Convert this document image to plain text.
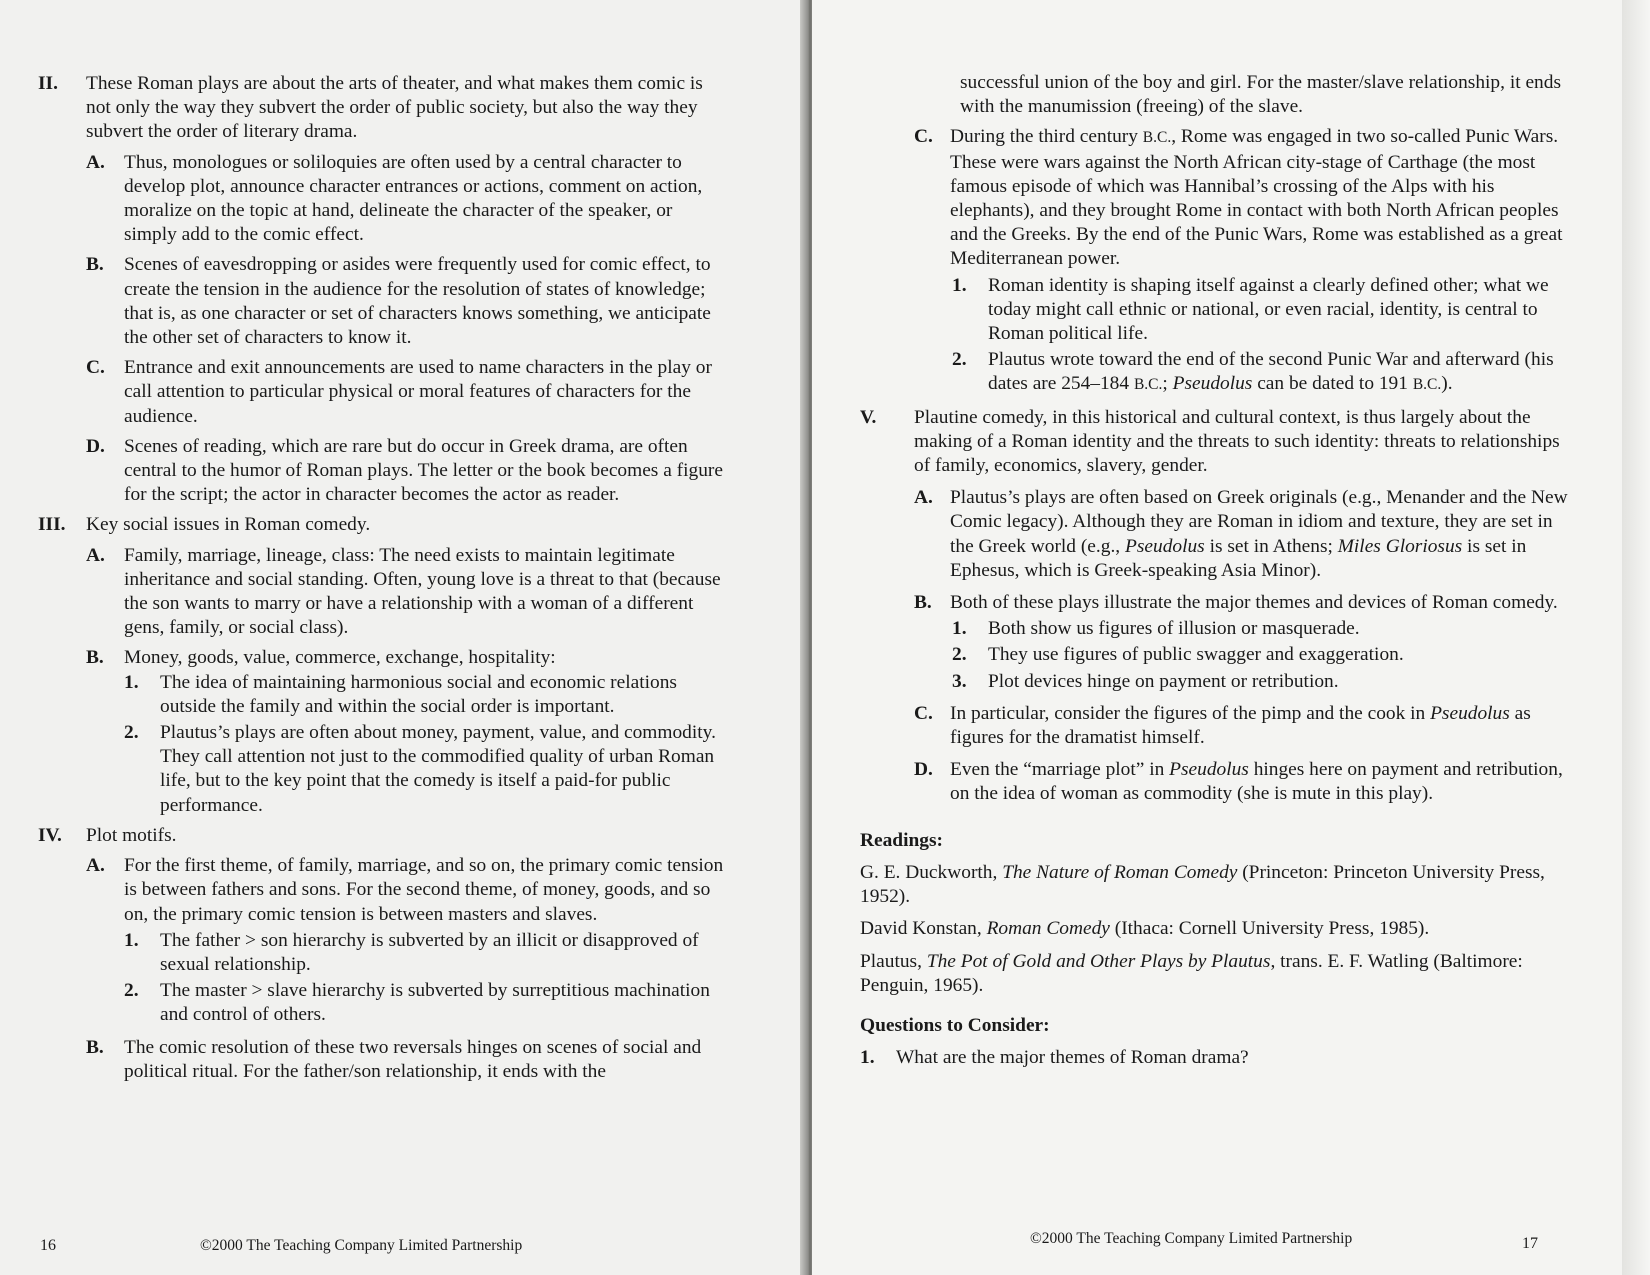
II. These Roman plays are about the arts of theater, and what makes them comic is not only the way they subvert the order of public society, but also the way they subvert the order of literary drama.
A. Thus, monologues or soliloquies are often used by a central character to develop plot, announce character entrances or actions, comment on action, moralize on the topic at hand, delineate the character of the speaker, or simply add to the comic effect.
B. Scenes of eavesdropping or asides were frequently used for comic effect, to create the tension in the audience for the resolution of states of knowledge; that is, as one character or set of characters knows something, we anticipate the other set of characters to know it.
C. Entrance and exit announcements are used to name characters in the play or call attention to particular physical or moral features of characters for the audience.
D. Scenes of reading, which are rare but do occur in Greek drama, are often central to the humor of Roman plays. The letter or the book becomes a figure for the script; the actor in character becomes the actor as reader.
III. Key social issues in Roman comedy.
A. Family, marriage, lineage, class: The need exists to maintain legitimate inheritance and social standing. Often, young love is a threat to that (because the son wants to marry or have a relationship with a woman of a different gens, family, or social class).
B. Money, goods, value, commerce, exchange, hospitality:
1. The idea of maintaining harmonious social and economic relations outside the family and within the social order is important.
2. Plautus’s plays are often about money, payment, value, and commodity. They call attention not just to the commodified quality of urban Roman life, but to the key point that the comedy is itself a paid-for public performance.
IV. Plot motifs.
A. For the first theme, of family, marriage, and so on, the primary comic tension is between fathers and sons. For the second theme, of money, goods, and so on, the primary comic tension is between masters and slaves.
1. The father > son hierarchy is subverted by an illicit or disapproved of sexual relationship.
2. The master > slave hierarchy is subverted by surreptitious machination and control of others.
B. The comic resolution of these two reversals hinges on scenes of social and political ritual. For the father/son relationship, it ends with the
16	©2000 The Teaching Company Limited Partnership
successful union of the boy and girl. For the master/slave relationship, it ends with the manumission (freeing) of the slave.
C. During the third century B.C., Rome was engaged in two so-called Punic Wars. These were wars against the North African city-stage of Carthage (the most famous episode of which was Hannibal’s crossing of the Alps with his elephants), and they brought Rome in contact with both North African peoples and the Greeks. By the end of the Punic Wars, Rome was established as a great Mediterranean power.
1. Roman identity is shaping itself against a clearly defined other; what we today might call ethnic or national, or even racial, identity, is central to Roman political life.
2. Plautus wrote toward the end of the second Punic War and afterward (his dates are 254–184 B.C.; Pseudolus can be dated to 191 B.C.).
V. Plautine comedy, in this historical and cultural context, is thus largely about the making of a Roman identity and the threats to such identity: threats to relationships of family, economics, slavery, gender.
A. Plautus’s plays are often based on Greek originals (e.g., Menander and the New Comic legacy). Although they are Roman in idiom and texture, they are set in the Greek world (e.g., Pseudolus is set in Athens; Miles Gloriosus is set in Ephesus, which is Greek-speaking Asia Minor).
B. Both of these plays illustrate the major themes and devices of Roman comedy.
1. Both show us figures of illusion or masquerade.
2. They use figures of public swagger and exaggeration.
3. Plot devices hinge on payment or retribution.
C. In particular, consider the figures of the pimp and the cook in Pseudolus as figures for the dramatist himself.
D. Even the “marriage plot” in Pseudolus hinges here on payment and retribution, on the idea of woman as commodity (she is mute in this play).
Readings:
G. E. Duckworth, The Nature of Roman Comedy (Princeton: Princeton University Press, 1952).
David Konstan, Roman Comedy (Ithaca: Cornell University Press, 1985).
Plautus, The Pot of Gold and Other Plays by Plautus, trans. E. F. Watling (Baltimore: Penguin, 1965).
Questions to Consider:
1. What are the major themes of Roman drama?
©2000 The Teaching Company Limited Partnership	17
